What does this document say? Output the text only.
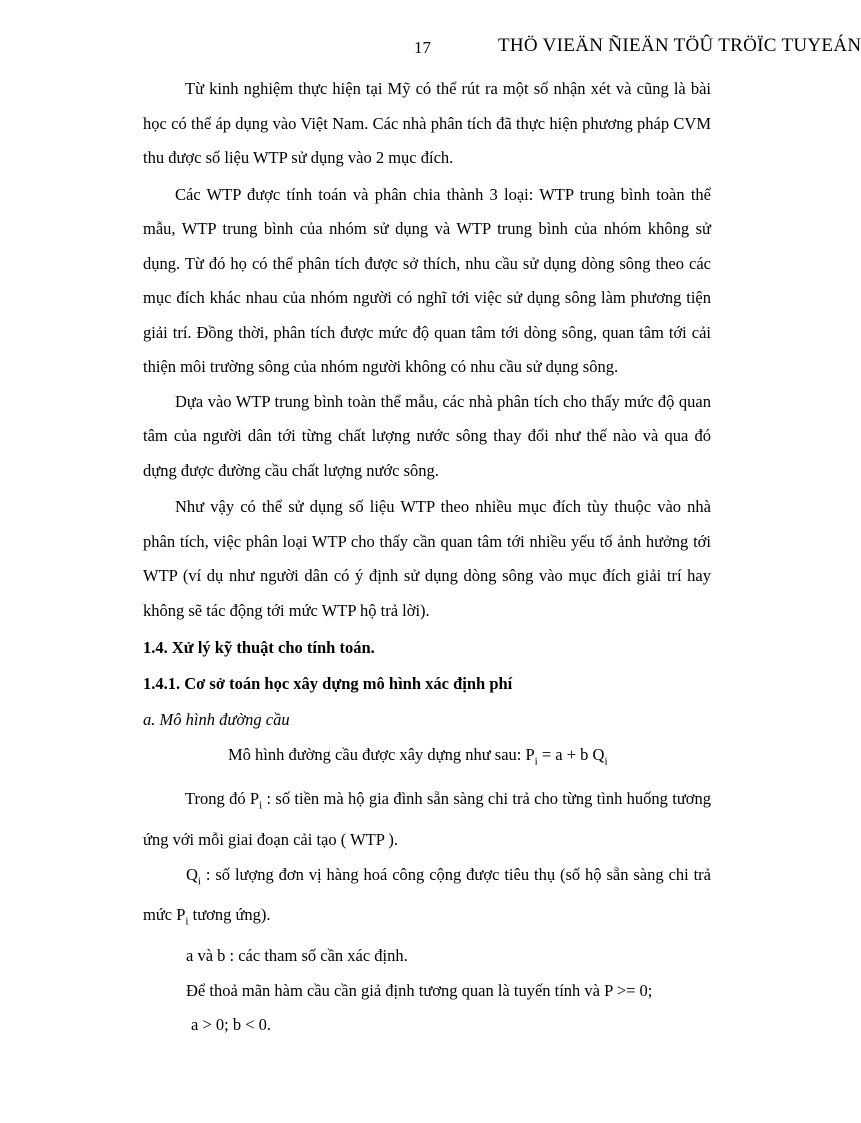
17	THÖ VIEÄN ÑIEÄN TÖÛ TRÖÏC TUYEÁN

Từ kinh nghiệm thực hiện tại Mỹ có thể rút ra một số nhận xét và cũng là bài học có thể áp dụng vào Việt Nam. Các nhà phân tích đã thực hiện phương pháp CVM thu được số liệu WTP sử dụng vào 2 mục đích.

Các WTP được tính toán và phân chia thành 3 loại: WTP trung bình toàn thể mẫu, WTP trung bình của nhóm sử dụng và WTP trung bình của nhóm không sử dụng. Từ đó họ có thể phân tích được sở thích, nhu cầu sử dụng dòng sông theo các mục đích khác nhau của nhóm người có nghĩ tới việc sử dụng sông làm phương tiện giải trí. Đồng thời, phân tích được mức độ quan tâm tới dòng sông, quan tâm tới cải thiện môi trường sông của nhóm người không có nhu cầu sử dụng sông.

Dựa vào WTP trung bình toàn thể mẫu, các nhà phân tích cho thấy mức độ quan tâm của người dân tới từng chất lượng nước sông thay đổi như thế nào và qua đó dựng được đường cầu chất lượng nước sông.

Như vậy có thể sử dụng số liệu WTP theo nhiều mục đích tùy thuộc vào nhà phân tích, việc phân loại WTP cho thấy cần quan tâm tới nhiều yếu tố ảnh hưởng tới WTP (ví dụ như người dân có ý định sử dụng dòng sông vào mục đích giải trí hay không sẽ tác động tới mức WTP hộ trả lời).

1.4. Xử lý kỹ thuật cho tính toán.

1.4.1. Cơ sở toán học xây dựng mô hình xác định phí

a. Mô hình đường cầu

Mô hình đường cầu được xây dựng như sau: $P_i = a + b$ $Q_i$

Trong đó $P_i$ : số tiền mà hộ gia đình sẵn sàng chi trả cho từng tình huống tương ứng với mỗi giai đoạn cải tạo ( WTP ).

$Q_i$ : số lượng đơn vị hàng hoá công cộng được tiêu thụ (số hộ sẵn sàng chi trả mức $P_i$ tương ứng).

a và b : các tham số cần xác định.

Để thoả mãn hàm cầu cần giả định tương quan là tuyến tính và P >= 0;

a > 0; b < 0.
